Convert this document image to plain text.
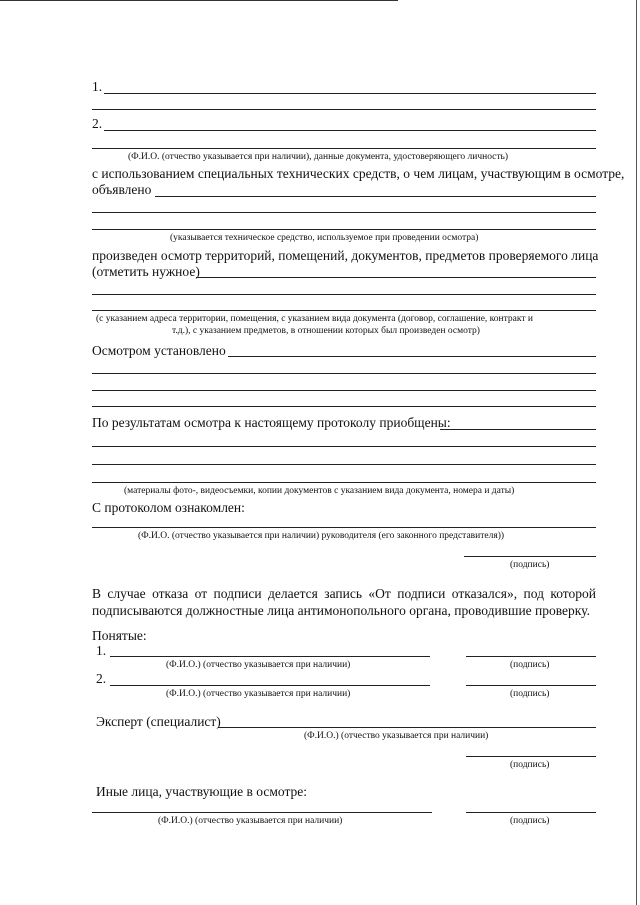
1.
2.
(Ф.И.О. (отчество указывается при наличии), данные документа, удостоверяющего личность)
с использованием специальных технических средств, о чем лицам, участвующим в осмотре,
объявлено
(указывается техническое средство, используемое при проведении осмотра)
произведен осмотр территорий, помещений, документов, предметов проверяемого лица
(отметить нужное)
(с указанием адреса территории, помещения, с указанием вида документа (договор, соглашение, контракт и
т.д.), с указанием предметов, в отношении которых был произведен осмотр)
Осмотром установлено
По результатам осмотра к настоящему протоколу приобщены:
(материалы фото-, видеосъемки, копии документов с указанием вида документа, номера и даты)
С протоколом ознакомлен:
(Ф.И.О. (отчество указывается при наличии) руководителя (его законного представителя))
(подпись)
В случае отказа от подписи делается запись «От подписи отказался», под которой подписываются должностные лица антимонопольного органа, проводившие проверку.
Понятые:
1.
(Ф.И.О.) (отчество указывается при наличии)	(подпись)
2.
(Ф.И.О.) (отчество указывается при наличии)	(подпись)
Эксперт (специалист)
(Ф.И.О.) (отчество указывается при наличии)
(подпись)
Иные лица, участвующие в осмотре:
(Ф.И.О.) (отчество указывается при наличии)	(подпись)
